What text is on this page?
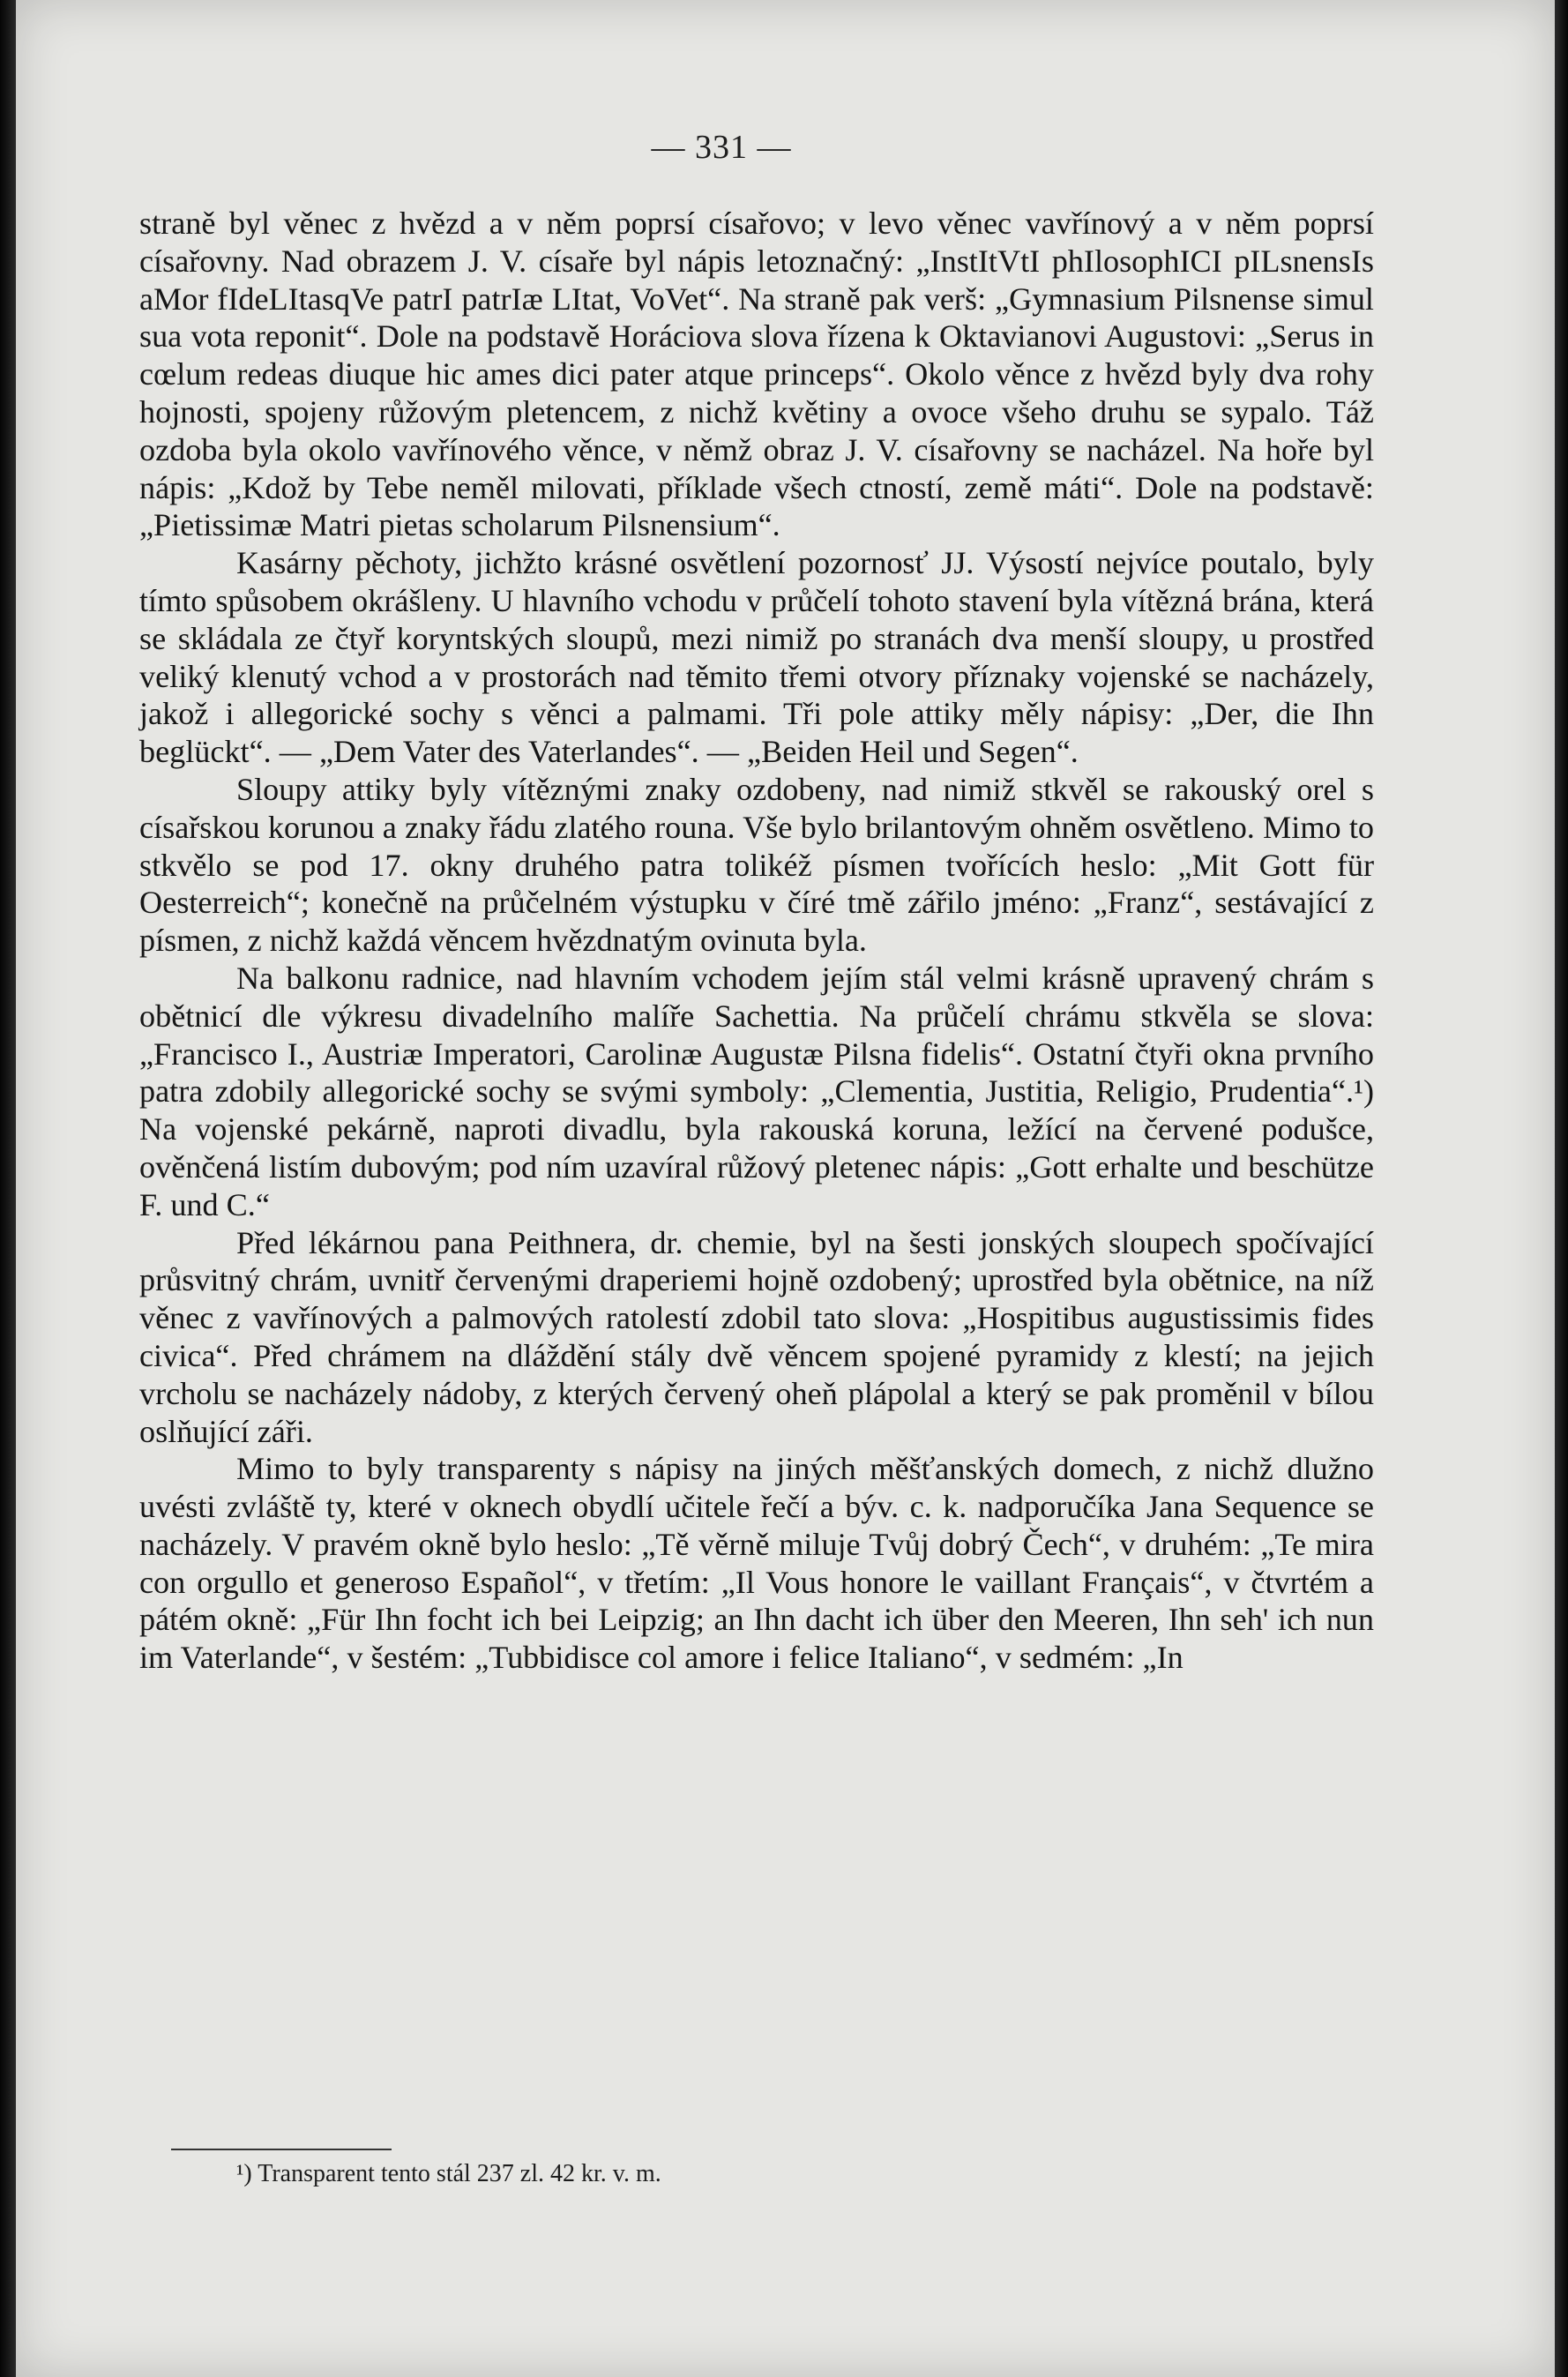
— 331 —

straně byl věnec z hvězd a v něm poprsí císařovo; v levo věnec vavřínový a v něm poprsí císařovny. Nad obrazem J. V. císaře byl nápis letoznačný: „InstItVtI phIlosophICI pILsnensIs aMor fIdeLItasqVe patrI patrIæ LItat, VoVet“. Na straně pak verš: „Gymnasium Pilsnense simul sua vota reponit“. Dole na podstavě Horáciova slova řízena k Oktavianovi Augustovi: „Serus in cœlum redeas diuque hic ames dici pater atque princeps“. Okolo věnce z hvězd byly dva rohy hojnosti, spojeny růžovým pletencem, z nichž květiny a ovoce všeho druhu se sypalo. Táž ozdoba byla okolo vavřínového věnce, v němž obraz J. V. císařovny se nacházel. Na hoře byl nápis: „Kdož by Tebe neměl milovati, příklade všech ctností, země máti“. Dole na podstavě: „Pietissimæ Matri pietas scholarum Pilsnensium“.

Kasárny pěchoty, jichžto krásné osvětlení pozornosť JJ. Výsostí nejvíce poutalo, byly tímto spůsobem okrášleny. U hlavního vchodu v průčelí tohoto stavení byla vítězná brána, která se skládala ze čtyř koryntských sloupů, mezi nimiž po stranách dva menší sloupy, u prostřed veliký klenutý vchod a v prostorách nad těmito třemi otvory příznaky vojenské se nacházely, jakož i allegorické sochy s věnci a palmami. Tři pole attiky měly nápisy: „Der, die Ihn beglückt“. — „Dem Vater des Vaterlandes“. — „Beiden Heil und Segen“.

Sloupy attiky byly vítěznými znaky ozdobeny, nad nimiž stkvěl se rakouský orel s císařskou korunou a znaky řádu zlatého rouna. Vše bylo brilantovým ohněm osvětleno. Mimo to stkvělo se pod 17. okny druhého patra tolikéž písmen tvořících heslo: „Mit Gott für Oesterreich“; konečně na průčelném výstupku v číré tmě zářilo jméno: „Franz“, sestávající z písmen, z nichž každá věncem hvězdnatým ovinuta byla.

Na balkonu radnice, nad hlavním vchodem jejím stál velmi krásně upravený chrám s obětnicí dle výkresu divadelního malíře Sachettia. Na průčelí chrámu stkvěla se slova: „Francisco I., Austriæ Imperatori, Carolinæ Augustæ Pilsna fidelis“. Ostatní čtyři okna prvního patra zdobily allegorické sochy se svými symboly: „Clementia, Justitia, Religio, Prudentia“.¹) Na vojenské pekárně, naproti divadlu, byla rakouská koruna, ležící na červené podušce, ověnčená listím dubovým; pod ním uzavíral růžový pletenec nápis: „Gott erhalte und beschütze F. und C.“

Před lékárnou pana Peithnera, dr. chemie, byl na šesti jonských sloupech spočívající průsvitný chrám, uvnitř červenými draperiemi hojně ozdobený; uprostřed byla obětnice, na níž věnec z vavřínových a palmových ratolestí zdobil tato slova: „Hospitibus augustissimis fides civica“. Před chrámem na dláždění stály dvě věncem spojené pyramidy z klestí; na jejich vrcholu se nacházely nádoby, z kterých červený oheň plápolal a který se pak proměnil v bílou oslňující záři.

Mimo to byly transparenty s nápisy na jiných měšťanských domech, z nichž dlužno uvésti zvláště ty, které v oknech obydlí učitele řečí a býv. c. k. nadporučíka Jana Sequence se nacházely. V pravém okně bylo heslo: „Tě věrně miluje Tvůj dobrý Čech“, v druhém: „Te mira con orgullo et generoso Español“, v třetím: „Il Vous honore le vaillant Français“, v čtvrtém a pátém okně: „Für Ihn focht ich bei Leipzig; an Ihn dacht ich über den Meeren, Ihn seh' ich nun im Vaterlande“, v šestém: „Tubbidisce col amore i felice Italiano“, v sedmém: „In

¹) Transparent tento stál 237 zl. 42 kr. v. m.
